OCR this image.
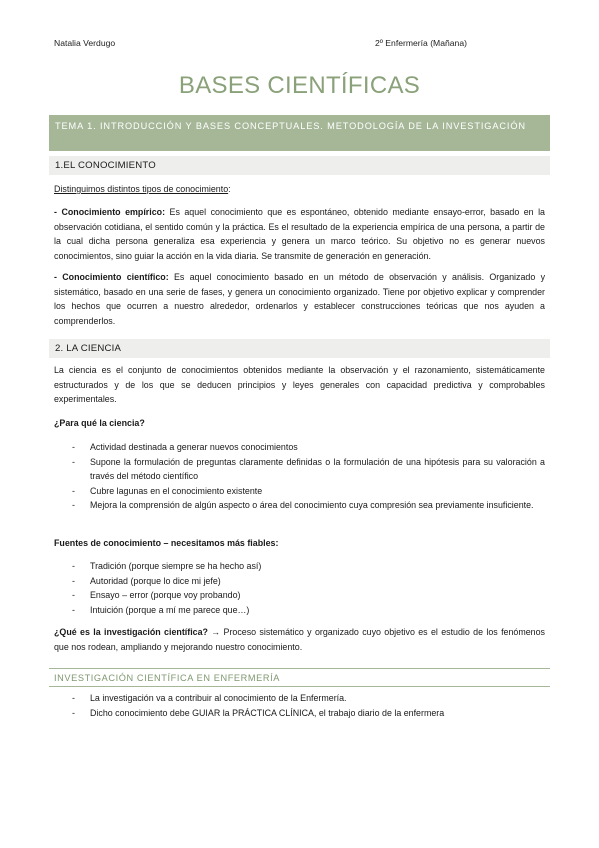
Natalia Verdugo	2º Enfermería (Mañana)
BASES CIENTÍFICAS
TEMA 1. INTRODUCCIÓN Y BASES CONCEPTUALES. METODOLOGÍA DE LA INVESTIGACIÓN
1.EL CONOCIMIENTO
Distinguimos distintos tipos de conocimiento:
- Conocimiento empírico: Es aquel conocimiento que es espontáneo, obtenido mediante ensayo-error, basado en la observación cotidiana, el sentido común y la práctica. Es el resultado de la experiencia empírica de una persona, a partir de la cual dicha persona generaliza esa experiencia y genera un marco teórico. Su objetivo no es generar nuevos conocimientos, sino guiar la acción en la vida diaria. Se transmite de generación en generación.
- Conocimiento científico: Es aquel conocimiento basado en un método de observación y análisis. Organizado y sistemático, basado en una serie de fases, y genera un conocimiento organizado. Tiene por objetivo explicar y comprender los hechos que ocurren a nuestro alrededor, ordenarlos y establecer construcciones teóricas que nos ayuden a comprenderlos.
2. LA CIENCIA
La ciencia es el conjunto de conocimientos obtenidos mediante la observación y el razonamiento, sistemáticamente estructurados y de los que se deducen principios y leyes generales con capacidad predictiva y comprobables experimentales.
¿Para qué la ciencia?
- Actividad destinada a generar nuevos conocimientos
- Supone la formulación de preguntas claramente definidas o la formulación de una hipótesis para su valoración a través del método científico
- Cubre lagunas en el conocimiento existente
- Mejora la comprensión de algún aspecto o área del conocimiento cuya compresión sea previamente insuficiente.
Fuentes de conocimiento – necesitamos más fiables:
- Tradición (porque siempre se ha hecho así)
- Autoridad (porque lo dice mi jefe)
- Ensayo – error (porque voy probando)
- Intuición (porque a mí me parece que…)
¿Qué es la investigación científica? → Proceso sistemático y organizado cuyo objetivo es el estudio de los fenómenos que nos rodean, ampliando y mejorando nuestro conocimiento.
INVESTIGACIÓN CIENTÍFICA EN ENFERMERÍA
- La investigación va a contribuir al conocimiento de la Enfermería.
- Dicho conocimiento debe GUIAR la PRÁCTICA CLÍNICA, el trabajo diario de la enfermera
